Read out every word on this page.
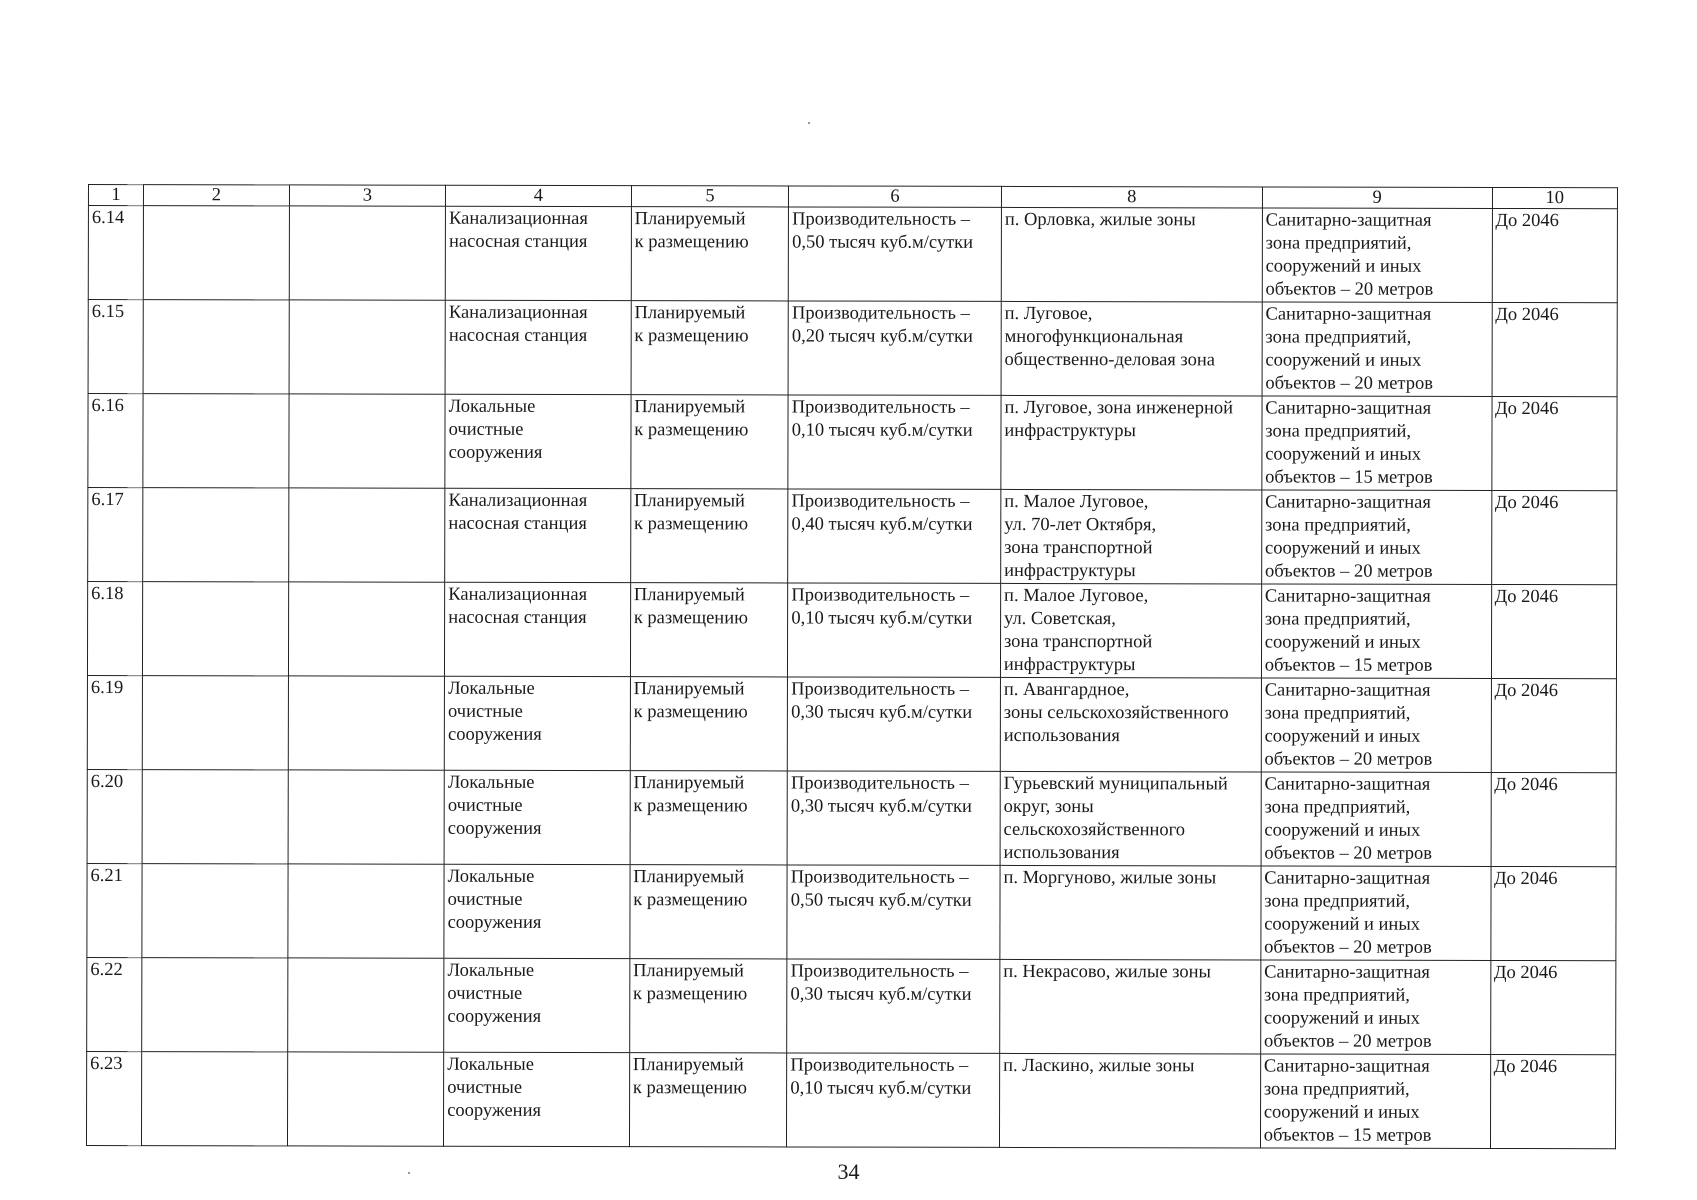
1	2	3	4	5	6	8	9	10
6.14			Канализационная
насосная станция	Планируемый
к размещению	Производительность –
0,50 тысяч куб.м/сутки	п. Орловка, жилые зоны	Санитарно-защитная
зона предприятий,
сооружений и иных
объектов – 20 метров	До 2046
6.15			Канализационная
насосная станция	Планируемый
к размещению	Производительность –
0,20 тысяч куб.м/сутки	п. Луговое,
многофункциональная
общественно-деловая зона	Санитарно-защитная
зона предприятий,
сооружений и иных
объектов – 20 метров	До 2046
6.16			Локальные
очистные
сооружения	Планируемый
к размещению	Производительность –
0,10 тысяч куб.м/сутки	п. Луговое, зона инженерной
инфраструктуры	Санитарно-защитная
зона предприятий,
сооружений и иных
объектов – 15 метров	До 2046
6.17			Канализационная
насосная станция	Планируемый
к размещению	Производительность –
0,40 тысяч куб.м/сутки	п. Малое Луговое,
ул. 70-лет Октября,
зона транспортной
инфраструктуры	Санитарно-защитная
зона предприятий,
сооружений и иных
объектов – 20 метров	До 2046
6.18			Канализационная
насосная станция	Планируемый
к размещению	Производительность –
0,10 тысяч куб.м/сутки	п. Малое Луговое,
ул. Советская,
зона транспортной
инфраструктуры	Санитарно-защитная
зона предприятий,
сооружений и иных
объектов – 15 метров	До 2046
6.19			Локальные
очистные
сооружения	Планируемый
к размещению	Производительность –
0,30 тысяч куб.м/сутки	п. Авангардное,
зоны сельскохозяйственного
использования	Санитарно-защитная
зона предприятий,
сооружений и иных
объектов – 20 метров	До 2046
6.20			Локальные
очистные
сооружения	Планируемый
к размещению	Производительность –
0,30 тысяч куб.м/сутки	Гурьевский муниципальный
округ, зоны
сельскохозяйственного
использования	Санитарно-защитная
зона предприятий,
сооружений и иных
объектов – 20 метров	До 2046
6.21			Локальные
очистные
сооружения	Планируемый
к размещению	Производительность –
0,50 тысяч куб.м/сутки	п. Моргуново, жилые зоны	Санитарно-защитная
зона предприятий,
сооружений и иных
объектов – 20 метров	До 2046
6.22			Локальные
очистные
сооружения	Планируемый
к размещению	Производительность –
0,30 тысяч куб.м/сутки	п. Некрасово, жилые зоны	Санитарно-защитная
зона предприятий,
сооружений и иных
объектов – 20 метров	До 2046
6.23			Локальные
очистные
сооружения	Планируемый
к размещению	Производительность –
0,10 тысяч куб.м/сутки	п. Ласкино, жилые зоны	Санитарно-защитная
зона предприятий,
сооружений и иных
объектов – 15 метров	До 2046
34
